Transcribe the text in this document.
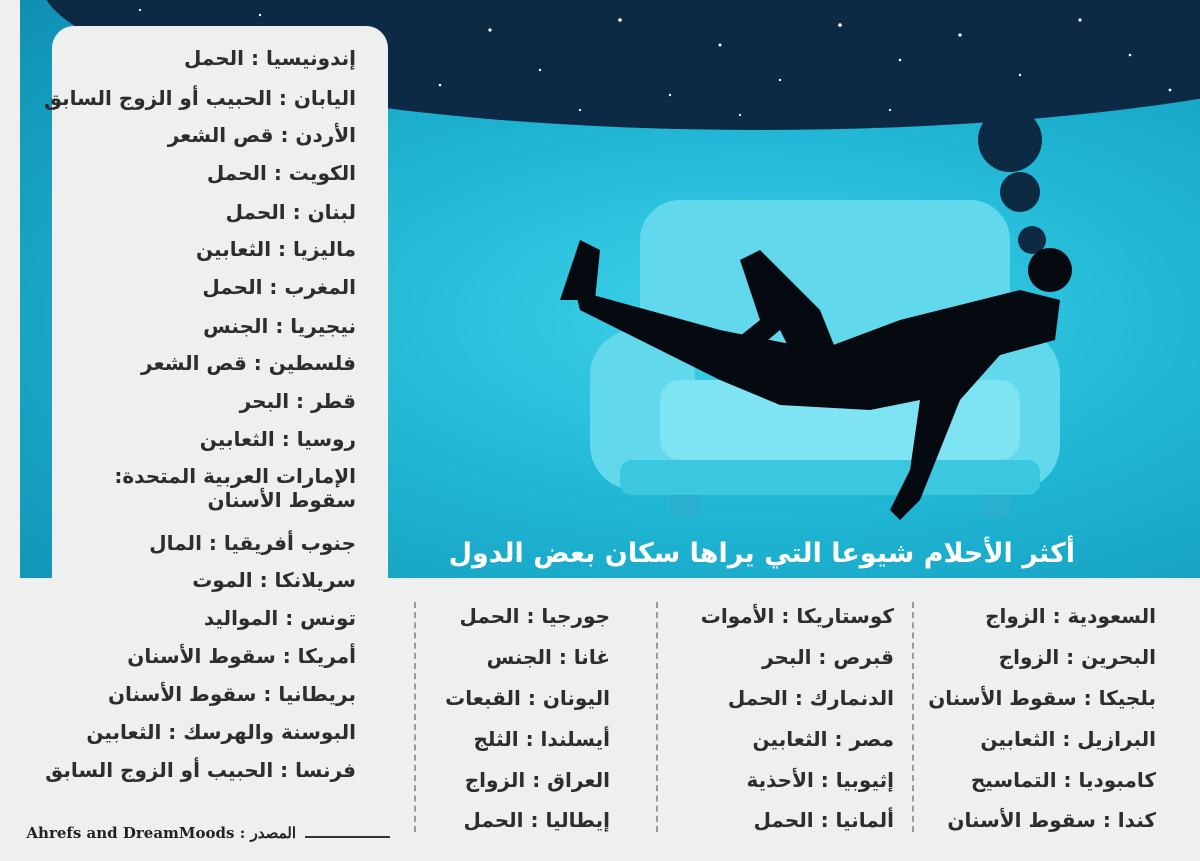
أكثر الأحلام شيوعا التي يراها سكان بعض الدول
إندونيسيا : الحمل
اليابان : الحبيب أو الزوج السابق
الأردن : قص الشعر
الكويت : الحمل
لبنان : الحمل
ماليزيا : الثعابين
المغرب : الحمل
نيجيريا : الجنس
فلسطين : قص الشعر
قطر : البحر
روسيا : الثعابين
الإمارات العربية المتحدة: سقوط الأسنان
جنوب أفريقيا : المال
سريلانكا : الموت
تونس : المواليد
أمريكا : سقوط الأسنان
بريطانيا : سقوط الأسنان
البوسنة والهرسك : الثعابين
فرنسا : الحبيب أو الزوج السابق
السعودية : الزواج
البحرين : الزواج
بلجيكا : سقوط الأسنان
البرازيل : الثعابين
كامبوديا : التماسيح
كندا : سقوط الأسنان
كوستاريكا : الأموات
قبرص : البحر
الدنمارك : الحمل
مصر : الثعابين
إثيوبيا : الأحذية
ألمانيا : الحمل
جورجيا : الحمل
غانا : الجنس
اليونان : القبعات
أيسلندا : الثلج
العراق : الزواج
إيطاليا : الحمل
المصدر : Ahrefs and DreamMoods
